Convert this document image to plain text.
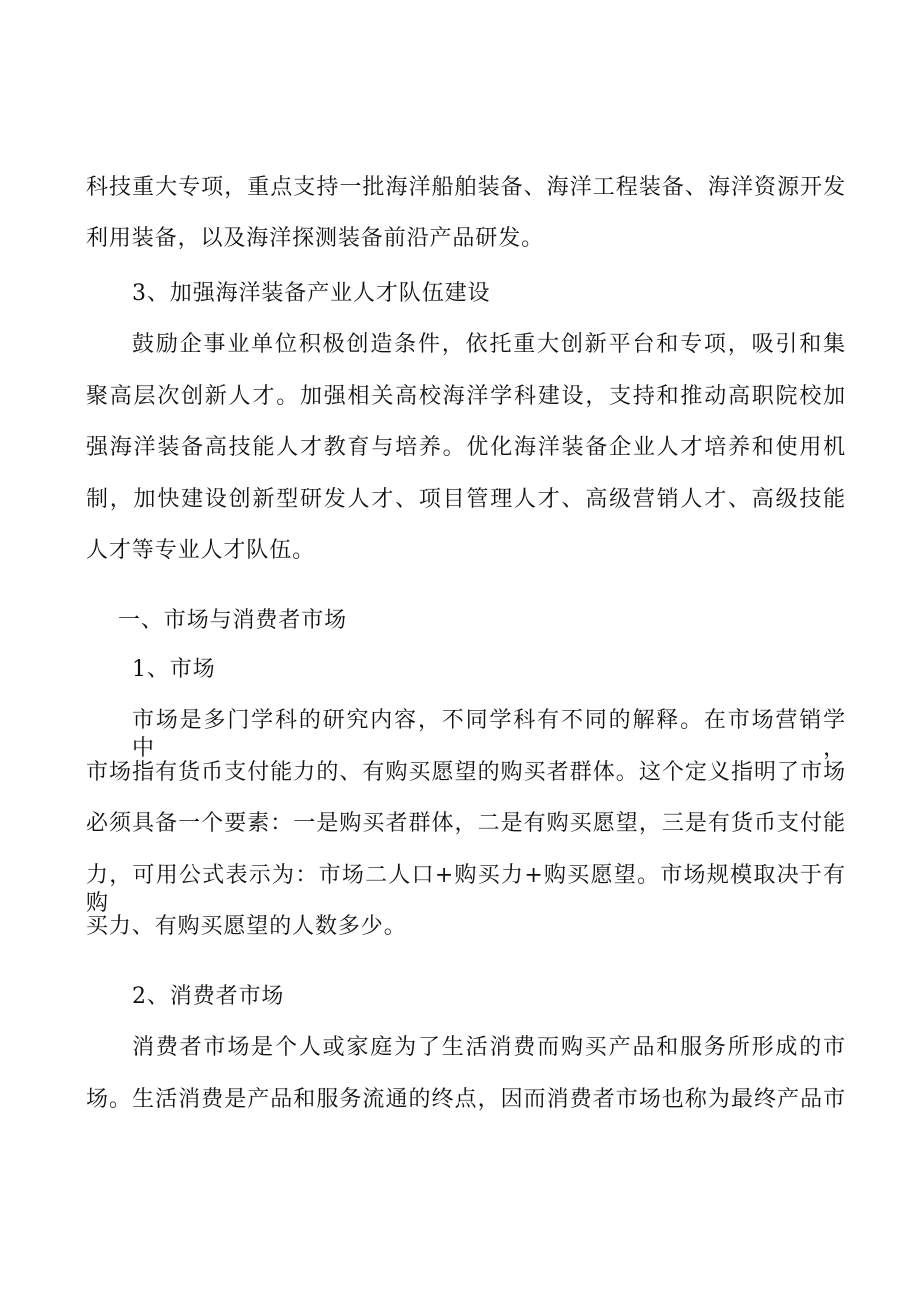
科技重大专项，重点支持一批海洋船舶装备、海洋工程装备、海洋资源开发
利用装备，以及海洋探测装备前沿产品研发。
3、加强海洋装备产业人才队伍建设
鼓励企事业单位积极创造条件，依托重大创新平台和专项，吸引和集
聚高层次创新人才。加强相关高校海洋学科建设，支持和推动高职院校加
强海洋装备高技能人才教育与培养。优化海洋装备企业人才培养和使用机
制，加快建设创新型研发人才、项目管理人才、高级营销人才、高级技能
人才等专业人才队伍。
一、市场与消费者市场
1、市场
市场是多门学科的研究内容，不同学科有不同的解释。在市场营销学中，
市场指有货币支付能力的、有购买愿望的购买者群体。这个定义指明了市场
必须具备一个要素：一是购买者群体，二是有购买愿望，三是有货币支付能
力，可用公式表示为：市场二人口+购买力+购买愿望。市场规模取决于有购
买力、有购买愿望的人数多少。
2、消费者市场
消费者市场是个人或家庭为了生活消费而购买产品和服务所形成的市
场。生活消费是产品和服务流通的终点，因而消费者市场也称为最终产品市
